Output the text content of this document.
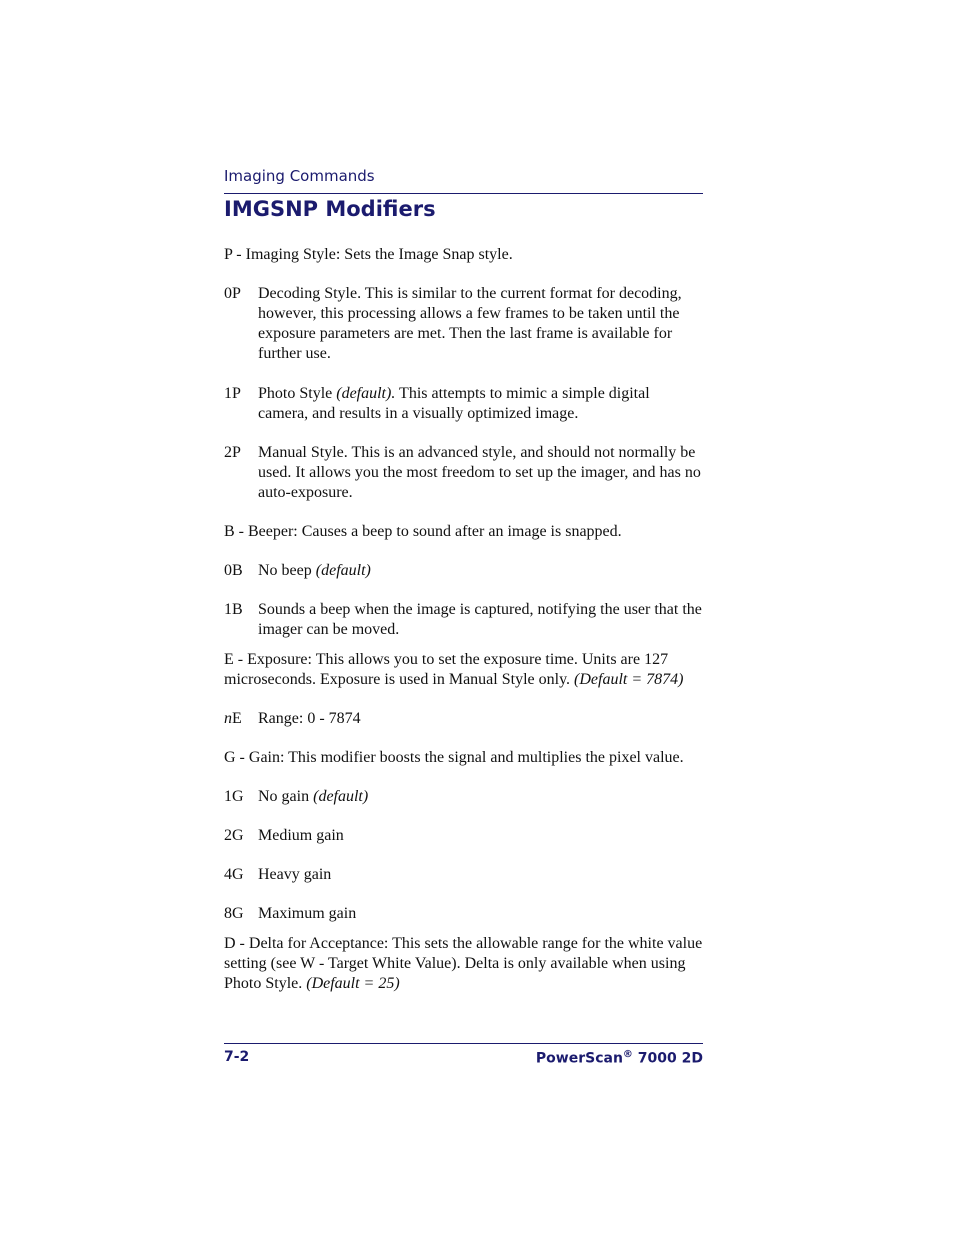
Imaging Commands
IMGSNP Modifiers

P - Imaging Style: Sets the Image Snap style.

0P	Decoding Style. This is similar to the current format for decoding, however, this processing allows a few frames to be taken until the exposure parameters are met. Then the last frame is available for further use.
1P	Photo Style (default). This attempts to mimic a simple digital camera, and results in a visually optimized image.
2P	Manual Style. This is an advanced style, and should not normally be used. It allows you the most freedom to set up the imager, and has no auto-exposure.

B - Beeper: Causes a beep to sound after an image is snapped.

0B No beep (default)
1B Sounds a beep when the image is captured, notifying the user that the imager can be moved.

E - Exposure: This allows you to set the exposure time. Units are 127 microseconds. Exposure is used in Manual Style only. (Default = 7874)

nE	Range: 0 - 7874

G - Gain: This modifier boosts the signal and multiplies the pixel value.

1G No gain (default)
2G Medium gain
4G Heavy gain
8G Maximum gain

D - Delta for Acceptance: This sets the allowable range for the white value setting (see W - Target White Value). Delta is only available when using Photo Style. (Default = 25)

7-2	PowerScan® 7000 2D
